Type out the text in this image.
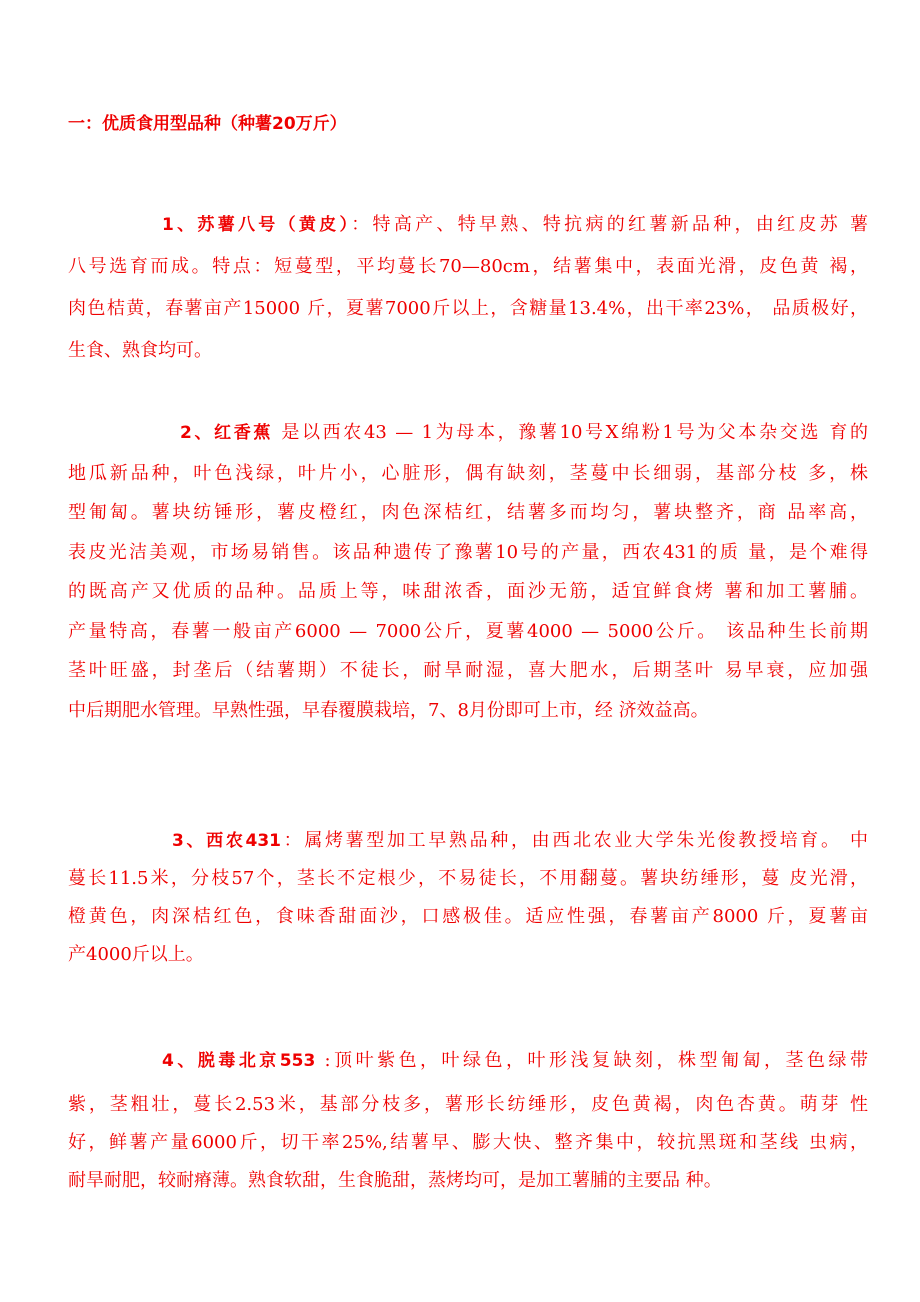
一：优质食用型品种（种薯20万斤）
1、苏薯八号（黄皮）：特高产、特早熟、特抗病的红薯新品种，由红皮苏 薯
八号选育而成。特点：短蔓型，平均蔓长70—80cm，结薯集中，表面光滑，皮色黄 褐，
肉色桔黄，春薯亩产15000 斤，夏薯7000斤以上，含糖量13.4%，出干率23%， 品质极好，
生食、熟食均可。
2、红香蕉 是以西农43 — 1为母本，豫薯10号X绵粉1号为父本杂交选 育的
地瓜新品种，叶色浅绿，叶片小，心脏形，偶有缺刻，茎蔓中长细弱，基部分枝 多，株
型匍匐。薯块纺锤形，薯皮橙红，肉色深桔红，结薯多而均匀，薯块整齐，商 品率高，
表皮光洁美观，市场易销售。该品种遗传了豫薯10号的产量，西农431的质 量，是个难得
的既高产又优质的品种。品质上等，味甜浓香，面沙无筋，适宜鲜食烤 薯和加工薯脯。
产量特高，春薯一般亩产6000 — 7000公斤，夏薯4000 — 5000公斤。 该品种生长前期
茎叶旺盛，封垄后（结薯期）不徒长，耐旱耐湿，喜大肥水，后期茎叶 易早衰，应加强
中后期肥水管理。早熟性强，早春覆膜栽培，7、8月份即可上市，经 济效益高。
3、西农431：属烤薯型加工早熟品种，由西北农业大学朱光俊教授培育。 中
蔓长11.5米，分枝57个，茎长不定根少，不易徒长，不用翻蔓。薯块纺缍形，蔓 皮光滑，
橙黄色，肉深桔红色，食味香甜面沙，口感极佳。适应性强，春薯亩产8000 斤，夏薯亩
产4000斤以上。
4、脱毒北京553 :顶叶紫色，叶绿色，叶形浅复缺刻，株型匍匐，茎色绿带
紫，茎粗壮，蔓长2.53米，基部分枝多，薯形长纺缍形，皮色黄褐，肉色杏黄。萌芽 性
好，鲜薯产量6000斤，切干率25%,结薯早、膨大快、整齐集中，较抗黑斑和茎线 虫病，
耐旱耐肥，较耐瘠薄。熟食软甜，生食脆甜，蒸烤均可，是加工薯脯的主要品 种。
